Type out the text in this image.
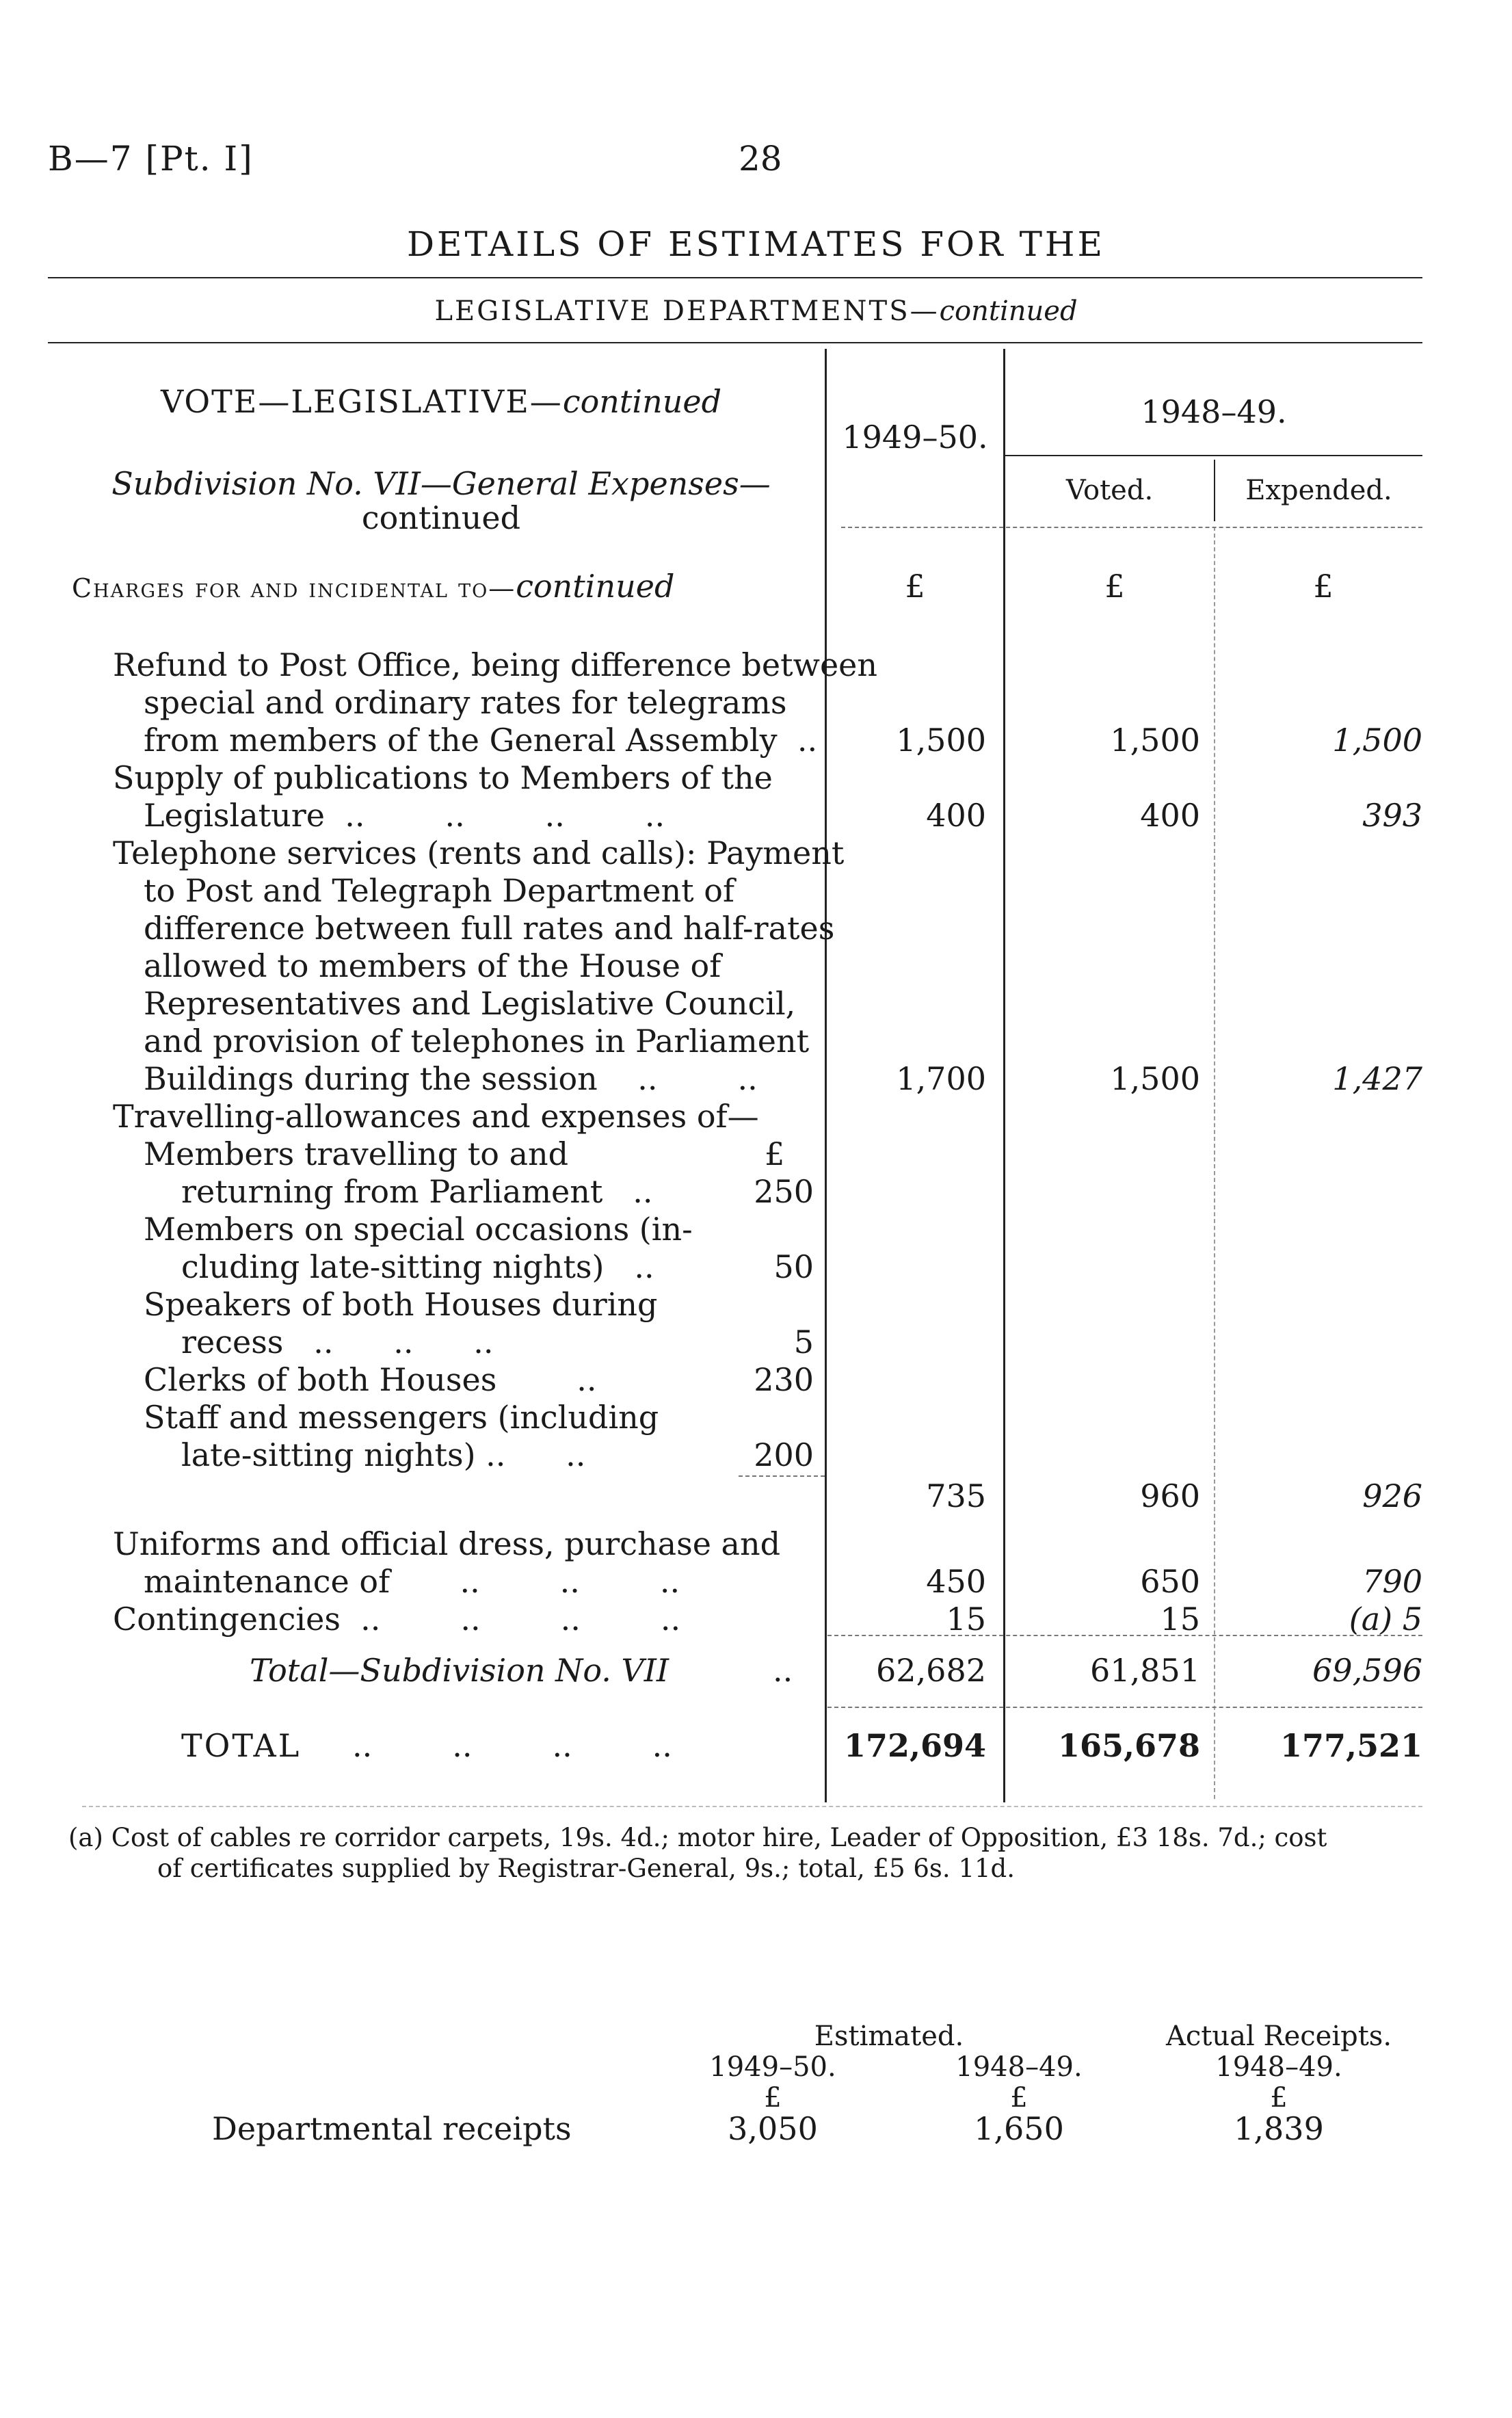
B—7 [Pt. I]	28
DETAILS OF ESTIMATES FOR THE
LEGISLATIVE DEPARTMENTS—continued
VOTE—LEGISLATIVE—continued
Subdivision No. VII—General Expenses—
continued
1949–50.
1948–49.
Voted.	Expended.
Charges for and incidental to—continued	£	£	£
Refund to Post Office, being difference between
special and ordinary rates for telegrams
from members of the General Assembly  ..	1,500	1,500	1,500
Supply of publications to Members of the
Legislature  ..        ..        ..        ..	400	400	393
Telephone services (rents and calls): Payment
to Post and Telegraph Department of
difference between full rates and half-rates
allowed to members of the House of
Representatives and Legislative Council,
and provision of telephones in Parliament
Buildings during the session    ..        ..	1,700	1,500	1,427
Travelling-allowances and expenses of—
£
Members travelling to and
returning from Parliament   ..	250
Members on special occasions (in-
cluding late-sitting nights)   ..	50
Speakers of both Houses during
recess   ..      ..      ..	5
Clerks of both Houses        ..	230
Staff and messengers (including
late-sitting nights) ..      ..	200
735	960	926
Uniforms and official dress, purchase and
maintenance of       ..        ..        ..	450	650	790
Contingencies  ..        ..        ..        ..	15	15	(a) 5
Total—Subdivision No. VII	..	62,682	61,851	69,596
TOTAL ..        ..        ..        ..	172,694	165,678	177,521
(a) Cost of cables re corridor carpets, 19s. 4d.; motor hire, Leader of Opposition, £3 18s. 7d.; cost
of certificates supplied by Registrar-General, 9s.; total, £5 6s. 11d.
Estimated.	Actual Receipts.
1949–50.	1948–49.	1948–49.
£	£	£
Departmental receipts	3,050	1,650	1,839
